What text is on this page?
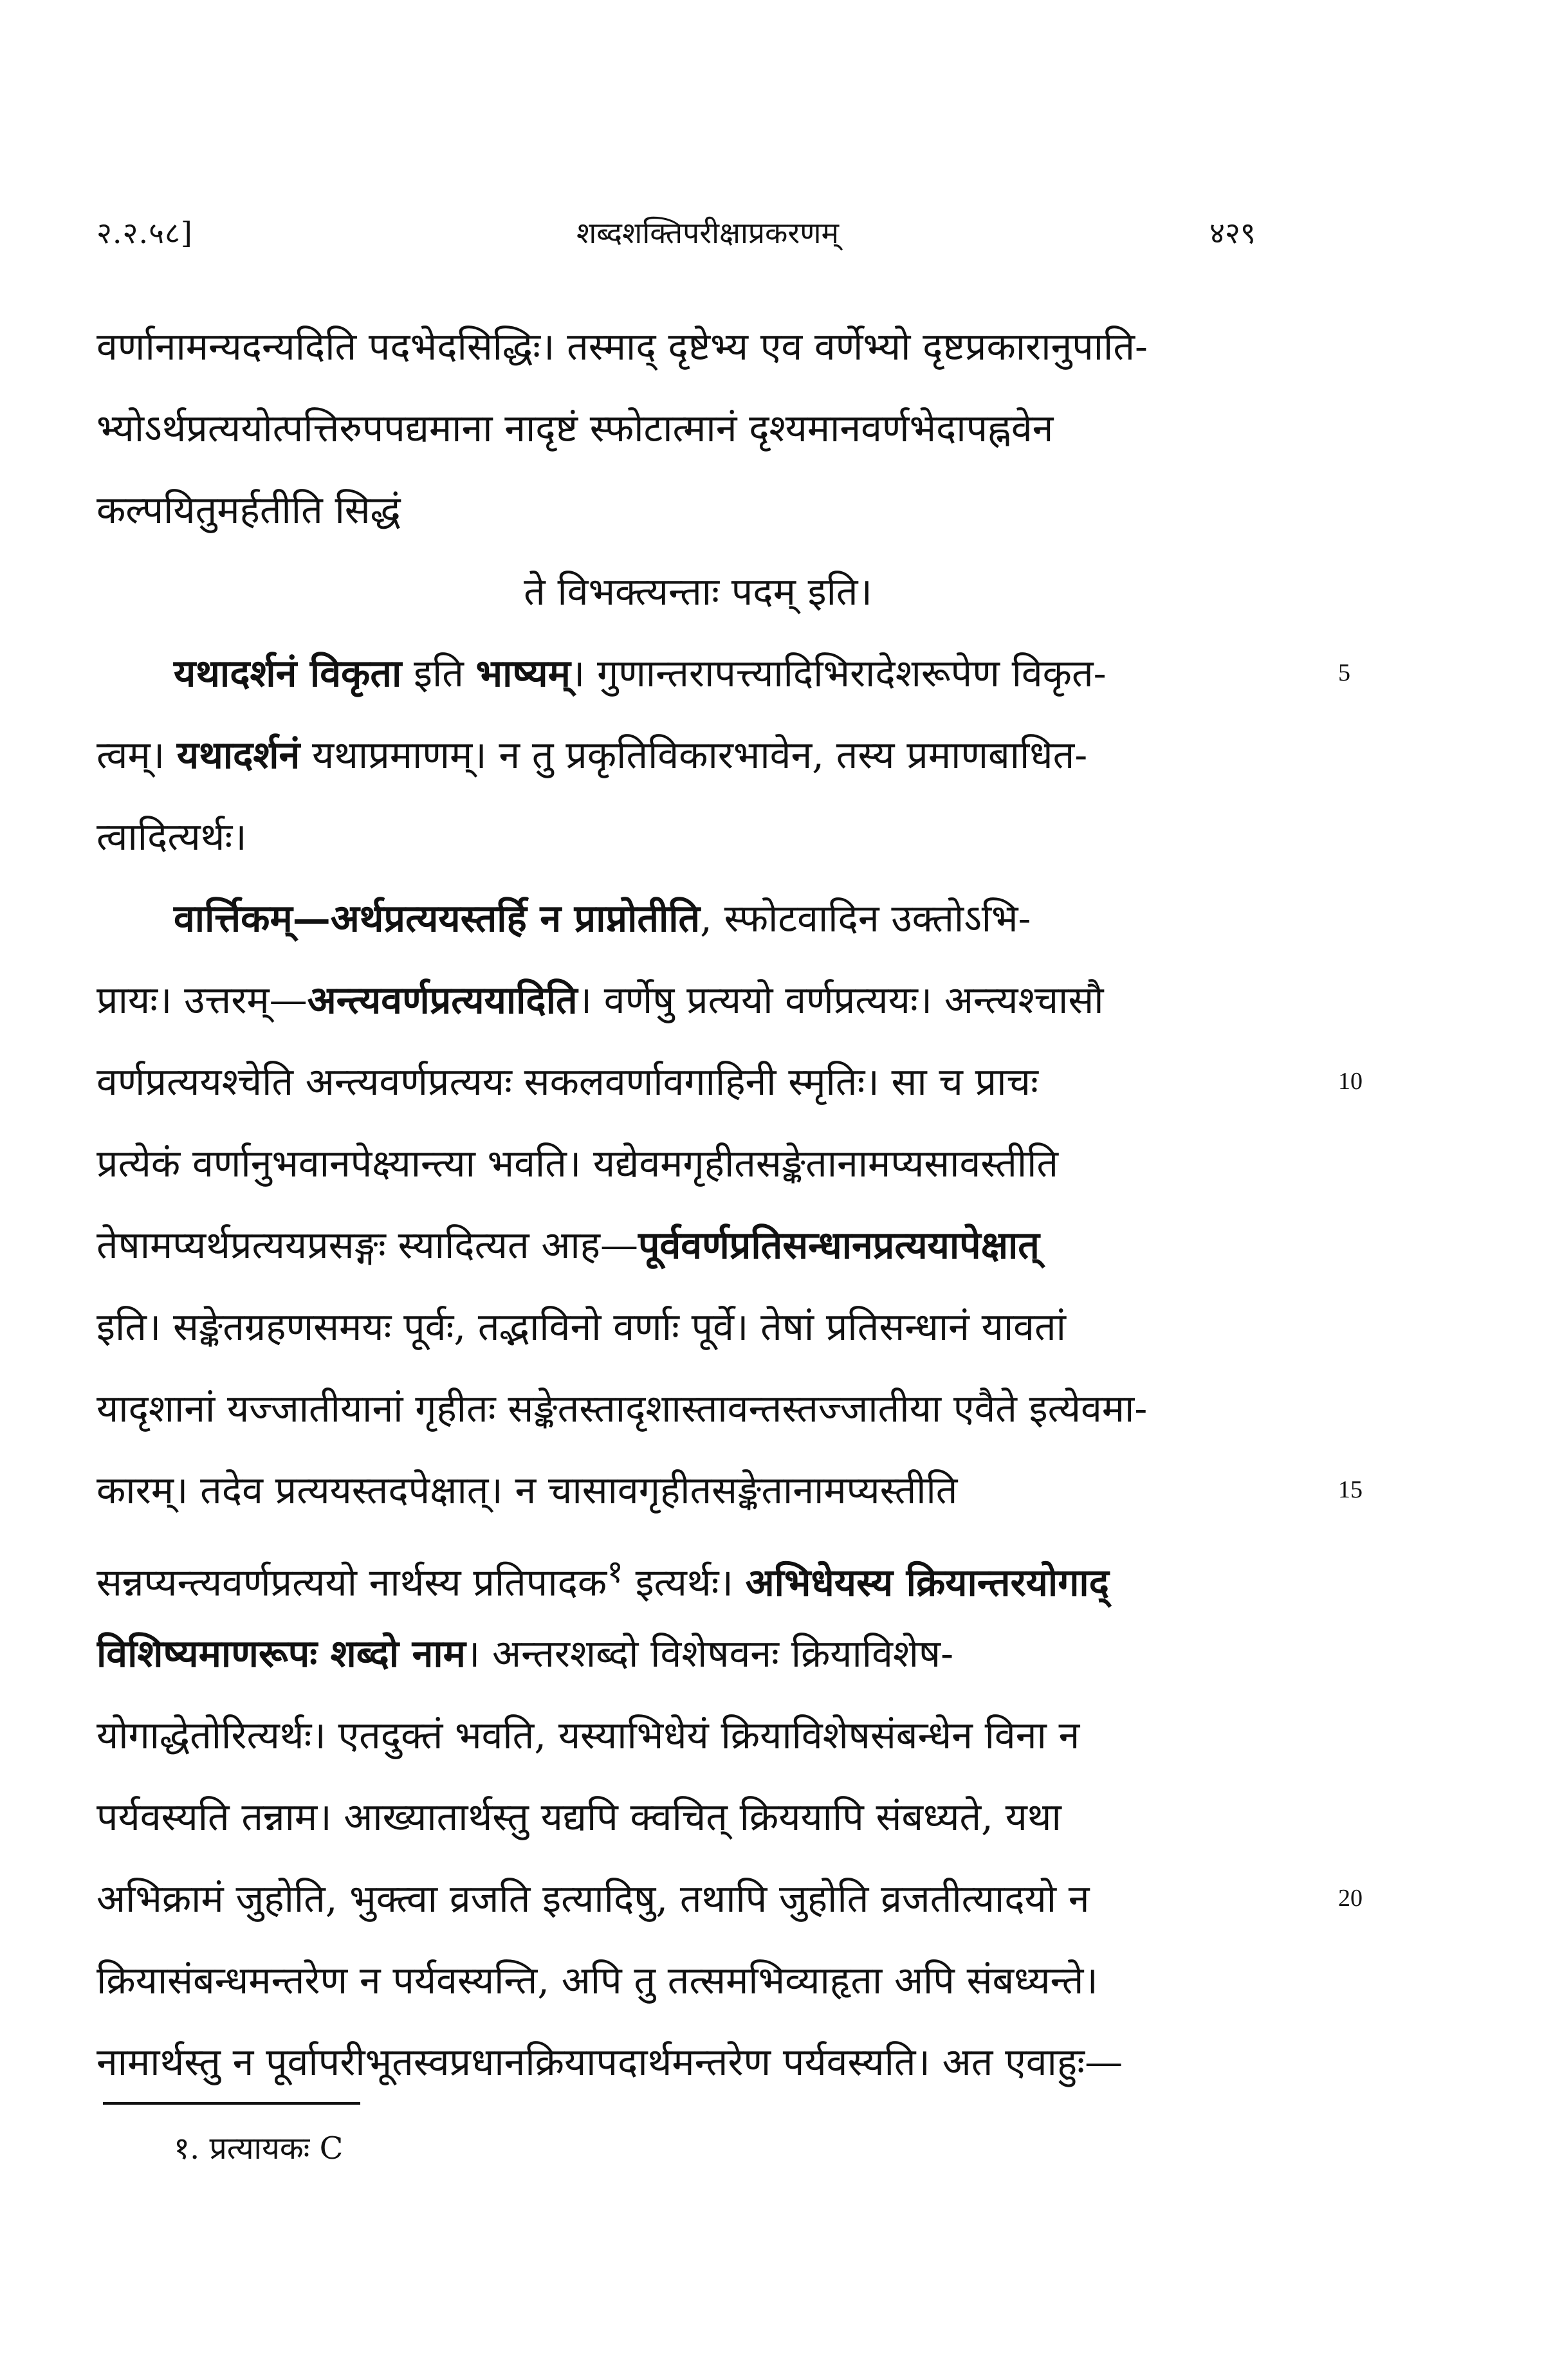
२.२.५८]	शब्दशक्तिपरीक्षाप्रकरणम्	४२९
वर्णानामन्यदन्यदिति पदभेदसिद्धिः। तस्माद् दृष्टेभ्य एव वर्णेभ्यो दृष्टप्रकारानुपाति-
भ्योऽर्थप्रत्ययोत्पत्तिरुपपद्यमाना नादृष्टं स्फोटात्मानं दृश्यमानवर्णभेदापह्नवेन
कल्पयितुमर्हतीति सिद्धं
ते विभक्त्यन्ताः पदम् इति।
यथादर्शनं विकृता इति भाष्यम्। गुणान्तरापत्त्यादिभिरादेशरूपेण विकृत-
त्वम्। यथादर्शनं यथाप्रमाणम्। न तु प्रकृतिविकारभावेन, तस्य प्रमाणबाधित-
त्वादित्यर्थः।
वार्त्तिकम्—अर्थप्रत्ययस्तर्हि न प्राप्नोतीति, स्फोटवादिन उक्तोऽभि-
प्रायः। उत्तरम्—अन्त्यवर्णप्रत्ययादिति। वर्णेषु प्रत्ययो वर्णप्रत्ययः। अन्त्यश्चासौ
वर्णप्रत्ययश्चेति अन्त्यवर्णप्रत्ययः सकलवर्णावगाहिनी स्मृतिः। सा च प्राचः
प्रत्येकं वर्णानुभवानपेक्ष्यान्त्या भवति। यद्येवमगृहीतसङ्केतानामप्यसावस्तीति
तेषामप्यर्थप्रत्ययप्रसङ्गः स्यादित्यत आह—पूर्ववर्णप्रतिसन्धानप्रत्ययापेक्षात्
इति। सङ्केतग्रहणसमयः पूर्वः, तद्भाविनो वर्णाः पूर्वे। तेषां प्रतिसन्धानं यावतां
यादृशानां यज्जातीयानां गृहीतः सङ्केतस्तादृशास्तावन्तस्तज्जातीया एवैते इत्येवमा-
कारम्। तदेव प्रत्ययस्तदपेक्षात्। न चासावगृहीतसङ्केतानामप्यस्तीति
सन्नप्यन्त्यवर्णप्रत्ययो नार्थस्य प्रतिपादक$^१$ इत्यर्थः। अभिधेयस्य क्रियान्तरयोगाद्
विशिष्यमाणरूपः शब्दो नाम। अन्तरशब्दो विशेषवनः क्रियाविशेष-
योगाद्धेतोरित्यर्थः। एतदुक्तं भवति, यस्याभिधेयं क्रियाविशेषसंबन्धेन विना न
पर्यवस्यति तन्नाम। आख्यातार्थस्तु यद्यपि क्वचित् क्रिययापि संबध्यते, यथा
अभिक्रामं जुहोति, भुक्त्वा व्रजति इत्यादिषु, तथापि जुहोति व्रजतीत्यादयो न
क्रियासंबन्धमन्तरेण न पर्यवस्यन्ति, अपि तु तत्समभिव्याहृता अपि संबध्यन्ते।
नामार्थस्तु न पूर्वापरीभूतस्वप्रधानक्रियापदार्थमन्तरेण पर्यवस्यति। अत एवाहुः—
5
10
15
20
१. प्रत्यायकः C
